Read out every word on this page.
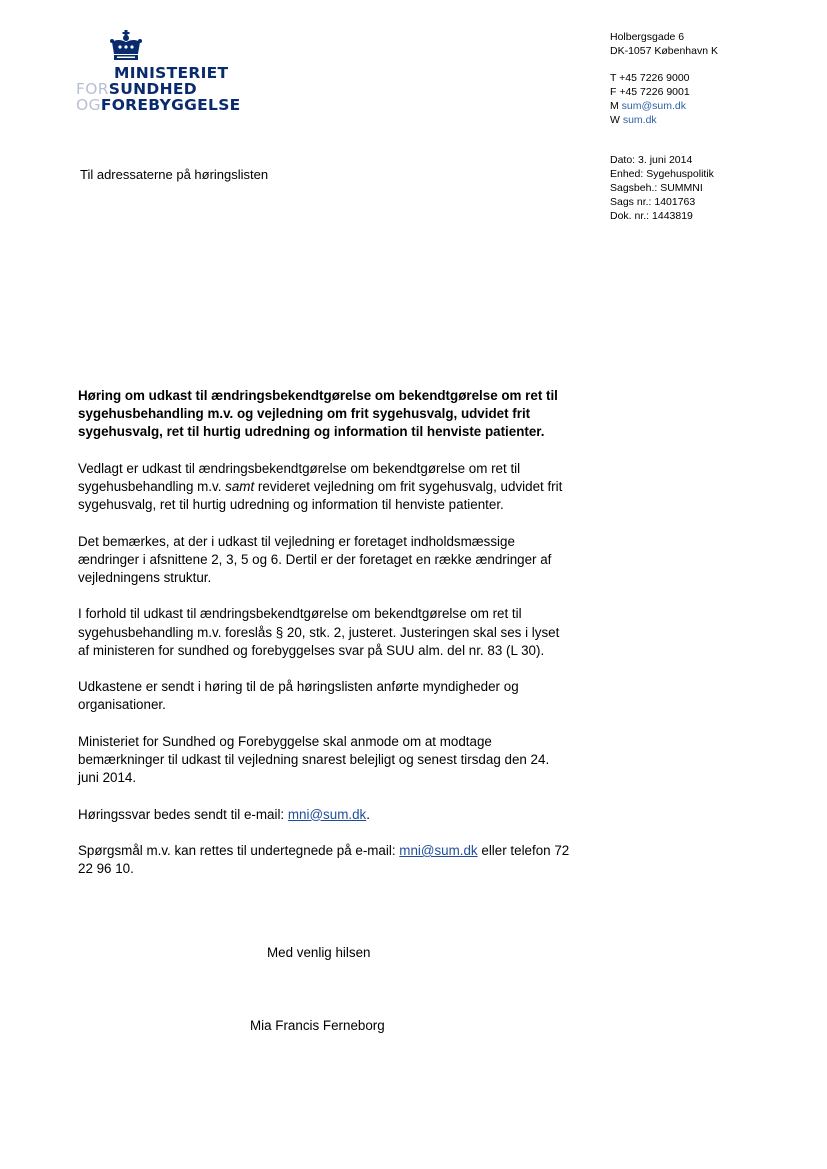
MINISTERIET
FORSUNDHED
OGFOREBYGGELSE
Holbergsgade 6
DK-1057 København K
T +45 7226 9000
F +45 7226 9001
M sum@sum.dk
W sum.dk
Dato: 3. juni 2014
Enhed: Sygehuspolitik
Sagsbeh.: SUMMNI
Sags nr.: 1401763
Dok. nr.: 1443819
Til adressaterne på høringslisten

Høring om udkast til ændringsbekendtgørelse om bekendtgørelse om ret til sygehusbehandling m.v. og vejledning om frit sygehusvalg, udvidet frit sygehusvalg, ret til hurtig udredning og information til henviste patienter.

Vedlagt er udkast til ændringsbekendtgørelse om bekendtgørelse om ret til sygehusbehandling m.v. samt revideret vejledning om frit sygehusvalg, udvidet frit sygehusvalg, ret til hurtig udredning og information til henviste patienter.

Det bemærkes, at der i udkast til vejledning er foretaget indholdsmæssige ændringer i afsnittene 2, 3, 5 og 6. Dertil er der foretaget en række ændringer af vejledningens struktur.

I forhold til udkast til ændringsbekendtgørelse om bekendtgørelse om ret til sygehusbehandling m.v. foreslås § 20, stk. 2, justeret. Justeringen skal ses i lyset af ministeren for sundhed og forebyggelses svar på SUU alm. del nr. 83 (L 30).

Udkastene er sendt i høring til de på høringslisten anførte myndigheder og organisationer.

Ministeriet for Sundhed og Forebyggelse skal anmode om at modtage bemærkninger til udkast til vejledning snarest belejligt og senest tirsdag den 24. juni 2014.

Høringssvar bedes sendt til e-mail: mni@sum.dk.

Spørgsmål m.v. kan rettes til undertegnede på e-mail: mni@sum.dk eller telefon 72 22 96 10.

Med venlig hilsen
Mia Francis Ferneborg
